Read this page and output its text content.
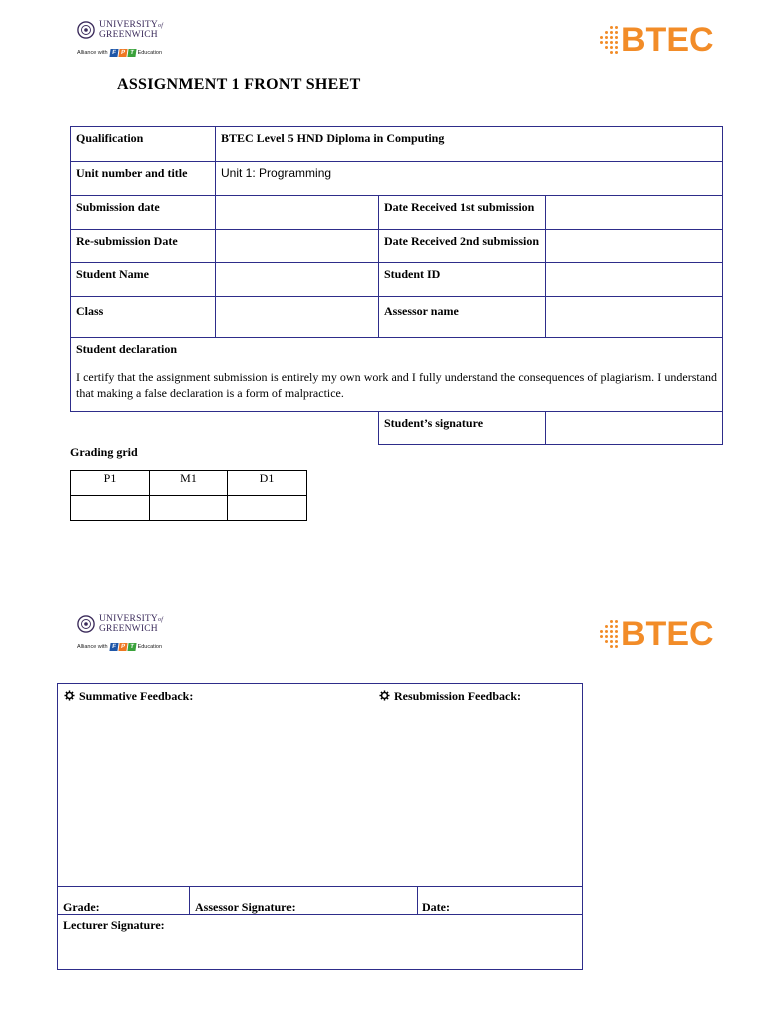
UNIVERSITYof
GREENWICH
Alliance with F P T Education	BTEC
ASSIGNMENT 1 FRONT SHEET
Qualification	BTEC Level 5 HND Diploma in Computing		
Unit number and title	Unit 1: Programming		
Submission date		Date Received 1st submission	
Re-submission Date		Date Received 2nd submission	
Student Name		Student ID	
Class		Assessor name	

Student declaration
I certify that the assignment submission is entirely my own work and I fully understand the consequences of plagiarism. I understand that making a false declaration is a form of malpractice.			

		Student’s signature	
Grading grid
P1	M1	D1

UNIVERSITYof
GREENWICH
Alliance with F P T Education	BTEC
Summative Feedback:	Resubmission Feedback:
Grade:	Assessor Signature:	Date:
Lecturer Signature:
